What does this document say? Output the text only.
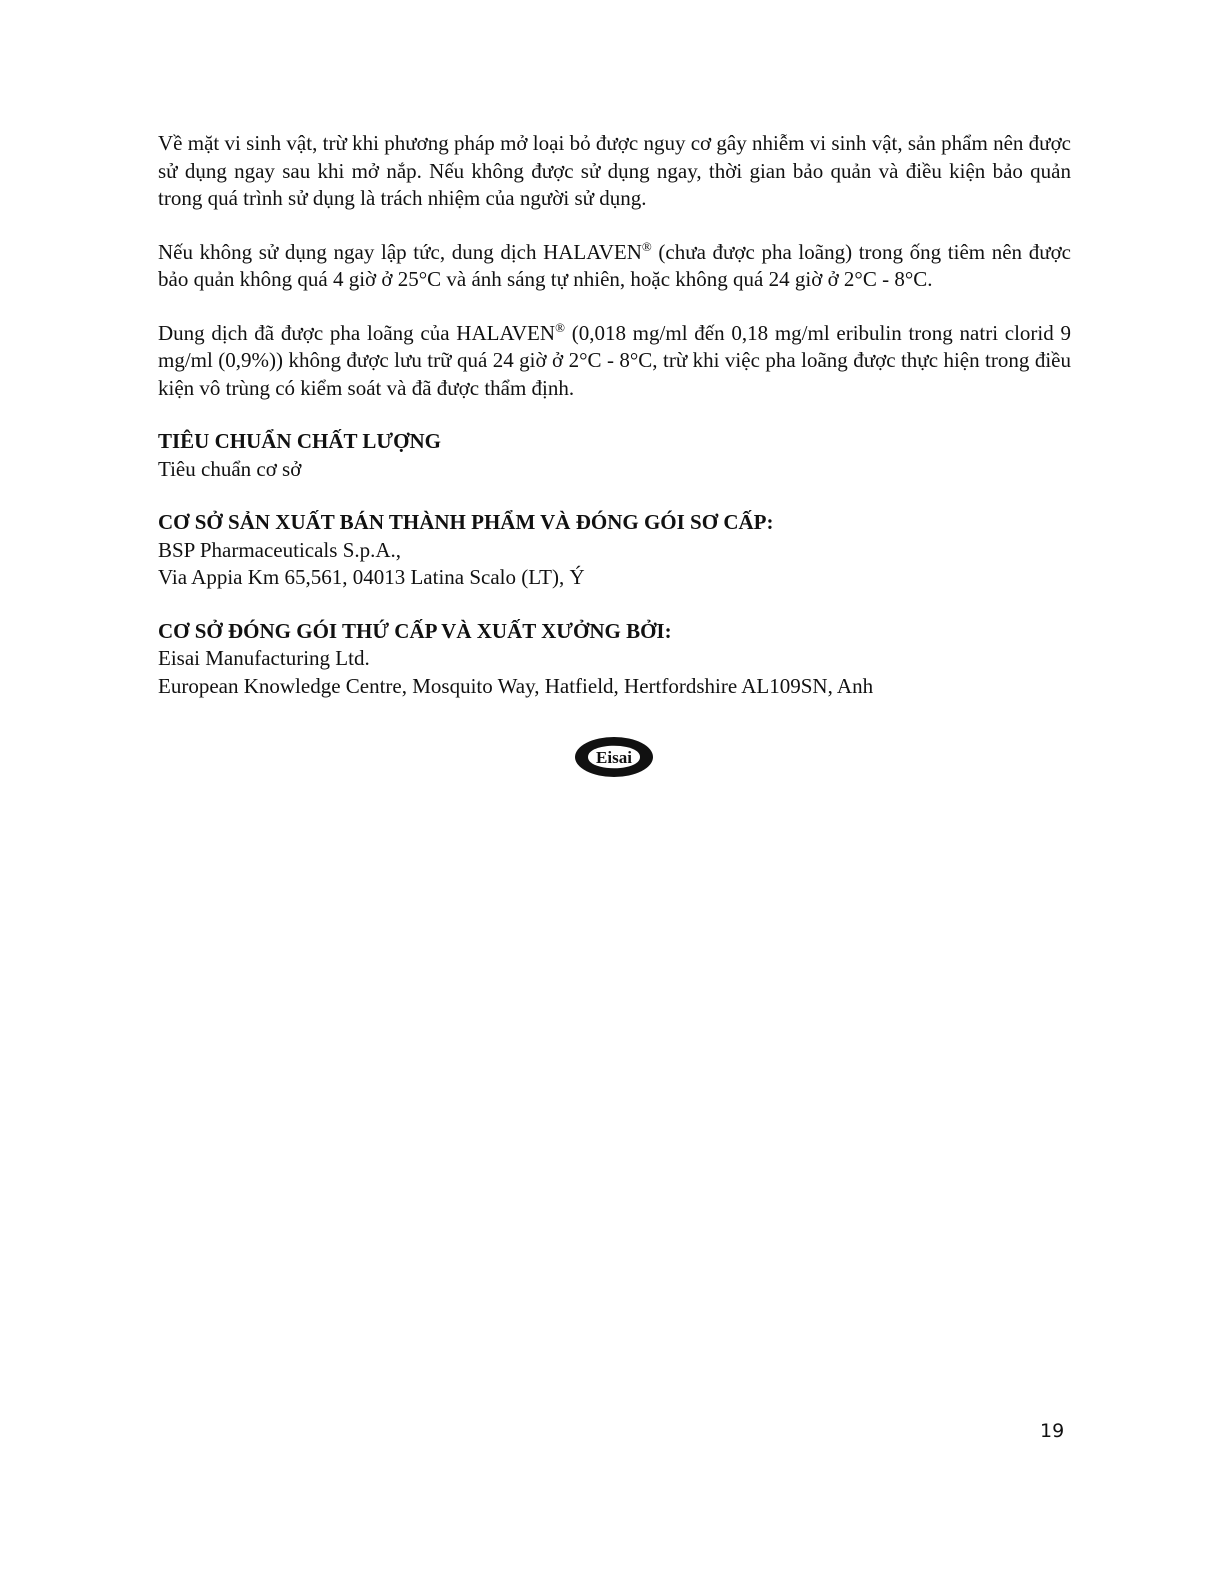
Về mặt vi sinh vật, trừ khi phương pháp mở loại bỏ được nguy cơ gây nhiễm vi sinh vật, sản phẩm nên được sử dụng ngay sau khi mở nắp. Nếu không được sử dụng ngay, thời gian bảo quản và điều kiện bảo quản trong quá trình sử dụng là trách nhiệm của người sử dụng.

Nếu không sử dụng ngay lập tức, dung dịch HALAVEN® (chưa được pha loãng) trong ống tiêm nên được bảo quản không quá 4 giờ ở 25°C và ánh sáng tự nhiên, hoặc không quá 24 giờ ở 2°C - 8°C.

Dung dịch đã được pha loãng của HALAVEN® (0,018 mg/ml đến 0,18 mg/ml eribulin trong natri clorid 9 mg/ml (0,9%)) không được lưu trữ quá 24 giờ ở 2°C - 8°C, trừ khi việc pha loãng được thực hiện trong điều kiện vô trùng có kiểm soát và đã được thẩm định.

TIÊU CHUẨN CHẤT LƯỢNG

Tiêu chuẩn cơ sở

CƠ SỞ SẢN XUẤT BÁN THÀNH PHẨM VÀ ĐÓNG GÓI SƠ CẤP:

BSP Pharmaceuticals S.p.A.,

Via Appia Km 65,561, 04013 Latina Scalo (LT), Ý

CƠ SỞ ĐÓNG GÓI THỨ CẤP VÀ XUẤT XƯỞNG BỞI:

Eisai Manufacturing Ltd.

European Knowledge Centre, Mosquito Way, Hatfield, Hertfordshire AL109SN, Anh

Eisai
19
